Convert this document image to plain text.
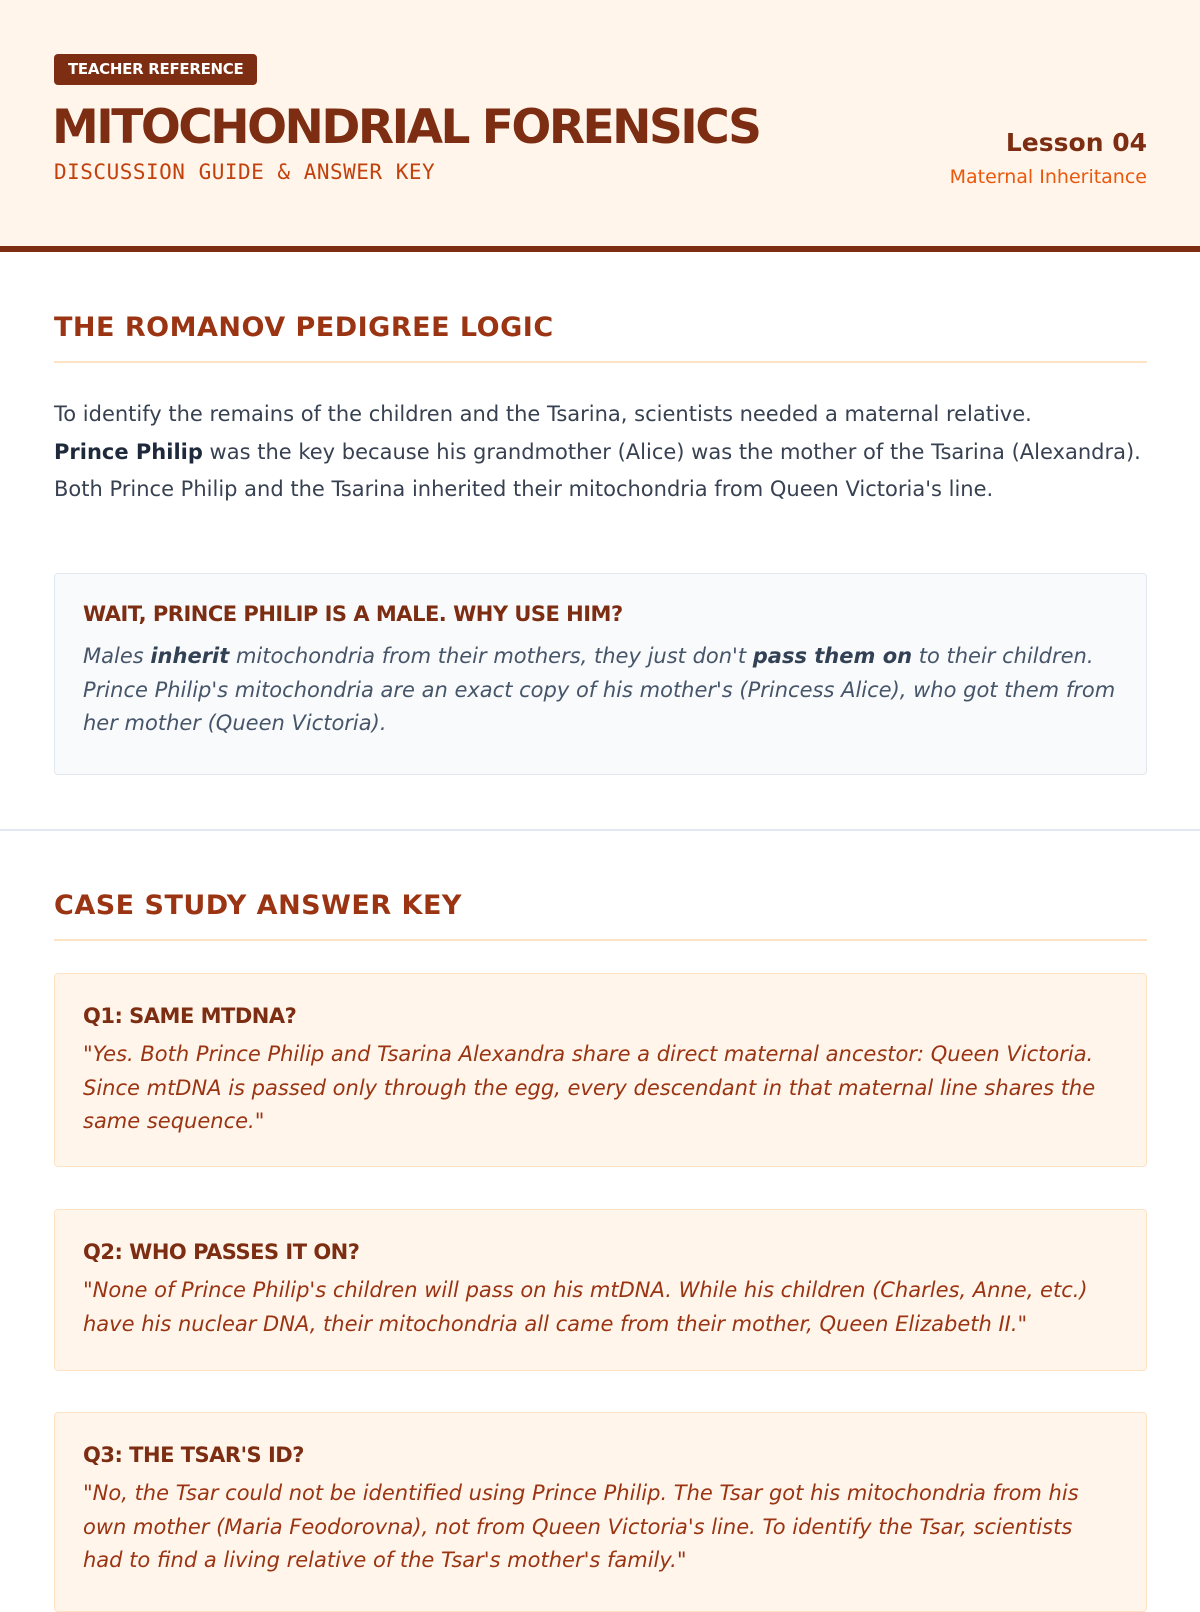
TEACHER REFERENCE
MITOCHONDRIAL FORENSICS
DISCUSSION GUIDE & ANSWER KEY
Lesson 04
Maternal Inheritance
THE ROMANOV PEDIGREE LOGIC
To identify the remains of the children and the Tsarina, scientists needed a maternal relative.
Prince Philip was the key because his grandmother (Alice) was the mother of the Tsarina (Alexandra). Both Prince Philip and the Tsarina inherited their mitochondria from Queen Victoria's line.
WAIT, PRINCE PHILIP IS A MALE. WHY USE HIM?
Males inherit mitochondria from their mothers, they just don't pass them on to their children. Prince Philip's mitochondria are an exact copy of his mother's (Princess Alice), who got them from her mother (Queen Victoria).
CASE STUDY ANSWER KEY
Q1: SAME MTDNA?
"Yes. Both Prince Philip and Tsarina Alexandra share a direct maternal ancestor: Queen Victoria. Since mtDNA is passed only through the egg, every descendant in that maternal line shares the same sequence."
Q2: WHO PASSES IT ON?
"None of Prince Philip's children will pass on his mtDNA. While his children (Charles, Anne, etc.) have his nuclear DNA, their mitochondria all came from their mother, Queen Elizabeth II."
Q3: THE TSAR'S ID?
"No, the Tsar could not be identified using Prince Philip. The Tsar got his mitochondria from his own mother (Maria Feodorovna), not from Queen Victoria's line. To identify the Tsar, scientists had to find a living relative of the Tsar's mother's family."
